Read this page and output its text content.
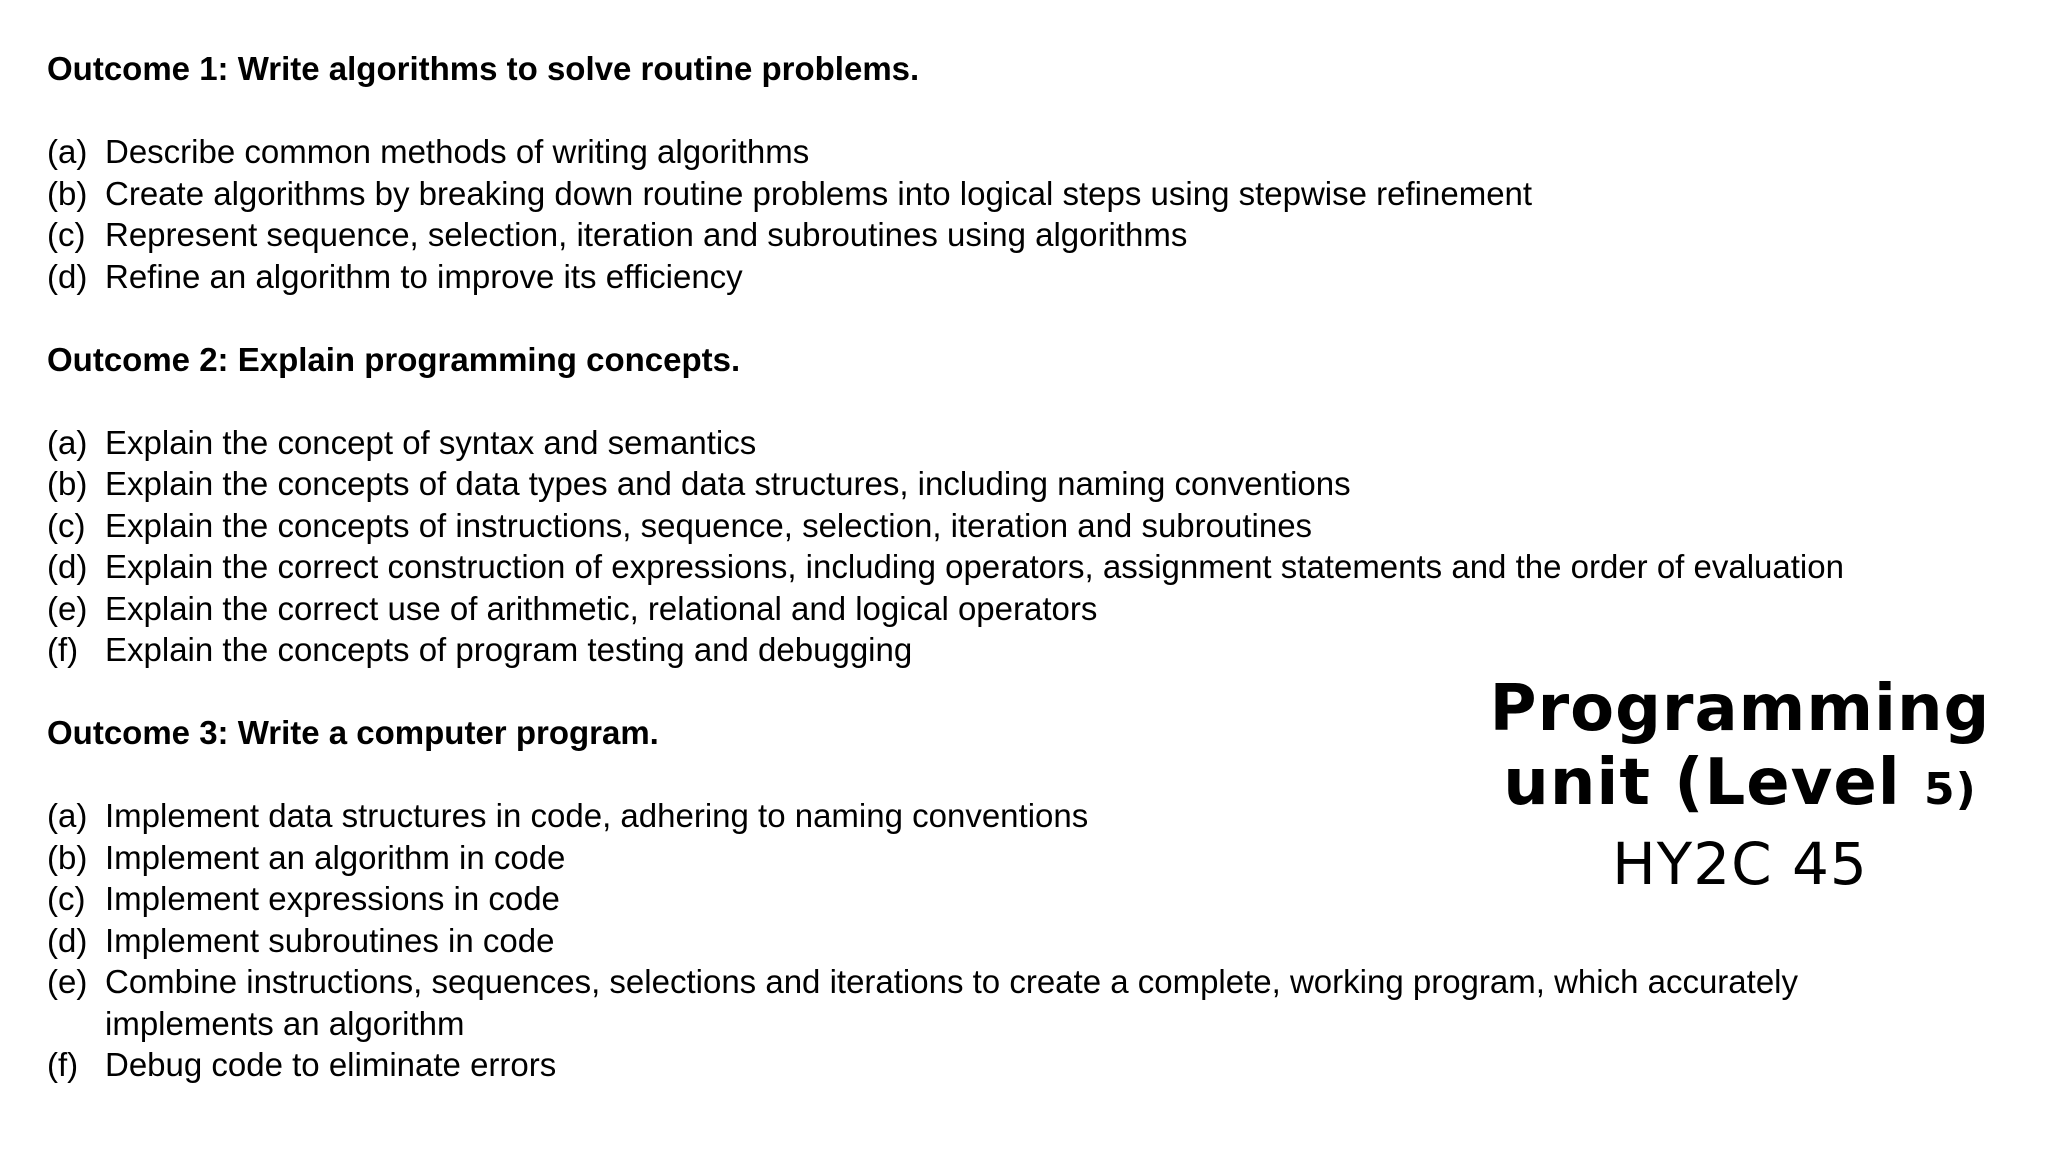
Outcome 1: Write algorithms to solve routine problems.
(a) Describe common methods of writing algorithms
(b) Create algorithms by breaking down routine problems into logical steps using stepwise refinement
(c) Represent sequence, selection, iteration and subroutines using algorithms
(d) Refine an algorithm to improve its efficiency
Outcome 2: Explain programming concepts.
(a) Explain the concept of syntax and semantics
(b) Explain the concepts of data types and data structures, including naming conventions
(c) Explain the concepts of instructions, sequence, selection, iteration and subroutines
(d) Explain the correct construction of expressions, including operators, assignment statements and the order of evaluation
(e) Explain the correct use of arithmetic, relational and logical operators
(f) Explain the concepts of program testing and debugging
Outcome 3: Write a computer program.
(a) Implement data structures in code, adhering to naming conventions
(b) Implement an algorithm in code
(c) Implement expressions in code
(d) Implement subroutines in code
(e) Combine instructions, sequences, selections and iterations to create a complete, working program, which accurately implements an algorithm
(f) Debug code to eliminate errors
Programming
unit (Level 5)
HY2C 45
